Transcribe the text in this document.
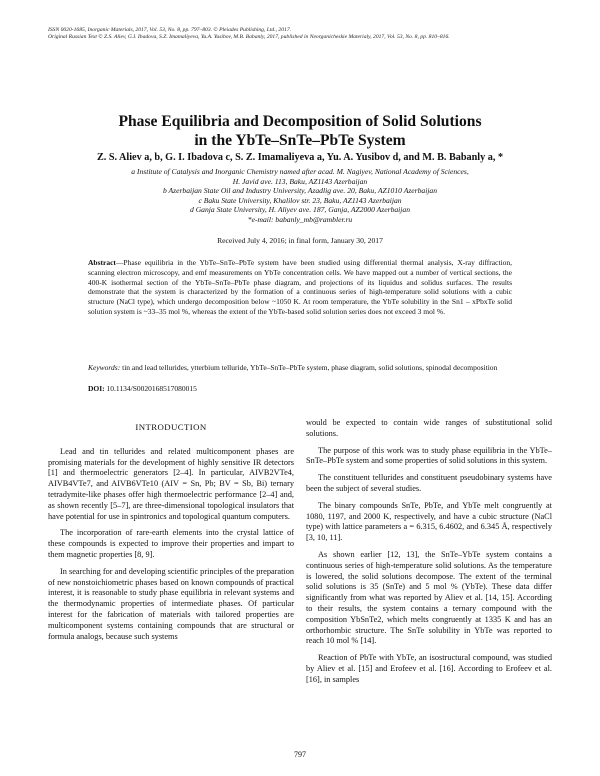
ISSN 0020-1685, Inorganic Materials, 2017, Vol. 53, No. 8, pp. 797–803. © Pleiades Publishing, Ltd., 2017.
Original Russian Text © Z.S. Aliev, G.I. Ibadova, S.Z. Imamaliyeva, Yu.A. Yusibov, M.B. Babanly, 2017, published in Neorganicheskie Materialy, 2017, Vol. 53, No. 8, pp. 810–816.
Phase Equilibria and Decomposition of Solid Solutions
in the YbTe–SnTe–PbTe System
Z. S. Aliev a, b, G. I. Ibadova c, S. Z. Imamaliyeva a, Yu. A. Yusibov d, and M. B. Babanly a, *
a Institute of Catalysis and Inorganic Chemistry named after acad. M. Nagiyev, National Academy of Sciences,
H. Javid ave. 113, Baku, AZ1143 Azerbaijan
b Azerbaijan State Oil and Industry University, Azadlig ave. 20, Baku, AZ1010 Azerbaijan
c Baku State University, Khalilov str. 23, Baku, AZ1143 Azerbaijan
d Ganja State University, H. Aliyev ave. 187, Ganja, AZ2000 Azerbaijan
*e-mail: babanly_mb@rambler.ru
Received July 4, 2016; in final form, January 30, 2017
Abstract—Phase equilibria in the YbTe–SnTe–PbTe system have been studied using differential thermal analysis, X-ray diffraction, scanning electron microscopy, and emf measurements on YbTe concentration cells. We have mapped out a number of vertical sections, the 400-K isothermal section of the YbTe–SnTe–PbTe phase diagram, and projections of its liquidus and solidus surfaces. The results demonstrate that the system is characterized by the formation of a continuous series of high-temperature solid solutions with a cubic structure (NaCl type), which undergo decomposition below ~1050 K. At room temperature, the YbTe solubility in the Sn1 – xPbxTe solid solution system is ~33–35 mol %, whereas the extent of the YbTe-based solid solution series does not exceed 3 mol %.
Keywords: tin and lead tellurides, ytterbium telluride, YbTe–SnTe–PbTe system, phase diagram, solid solutions, spinodal decomposition
DOI: 10.1134/S0020168517080015
INTRODUCTION

Lead and tin tellurides and related multicomponent phases are promising materials for the development of highly sensitive IR detectors [1] and thermoelectric generators [2–4]. In particular, AIVB2VTe4, AIVB4VTe7, and AIVB6VTe10 (AIV = Sn, Pb; BV = Sb, Bi) ternary tetradymite-like phases offer high thermoelectric performance [2–4] and, as shown recently [5–7], are three-dimensional topological insulators that have potential for use in spintronics and topological quantum computers.

The incorporation of rare-earth elements into the crystal lattice of these compounds is expected to improve their properties and impart to them magnetic properties [8, 9].

In searching for and developing scientific principles of the preparation of new nonstoichiometric phases based on known compounds of practical interest, it is reasonable to study phase equilibria in relevant systems and the thermodynamic properties of intermediate phases. Of particular interest for the fabrication of materials with tailored properties are multicomponent systems containing compounds that are structural or formula analogs, because such systems

would be expected to contain wide ranges of substitutional solid solutions.

The purpose of this work was to study phase equilibria in the YbTe–SnTe–PbTe system and some properties of solid solutions in this system.

The constituent tellurides and constituent pseudobinary systems have been the subject of several studies.

The binary compounds SnTe, PbTe, and YbTe melt congruently at 1080, 1197, and 2000 K, respectively, and have a cubic structure (NaCl type) with lattice parameters a = 6.315, 6.4602, and 6.345 Å, respectively [3, 10, 11].

As shown earlier [12, 13], the SnTe–YbTe system contains a continuous series of high-temperature solid solutions. As the temperature is lowered, the solid solutions decompose. The extent of the terminal solid solutions is 35 (SnTe) and 5 mol % (YbTe). These data differ significantly from what was reported by Aliev et al. [14, 15]. According to their results, the system contains a ternary compound with the composition YbSnTe2, which melts congruently at 1335 K and has an orthorhombic structure. The SnTe solubility in YbTe was reported to reach 10 mol % [14].

Reaction of PbTe with YbTe, an isostructural compound, was studied by Aliev et al. [15] and Erofeev et al. [16]. According to Erofeev et al. [16], in samples

797
